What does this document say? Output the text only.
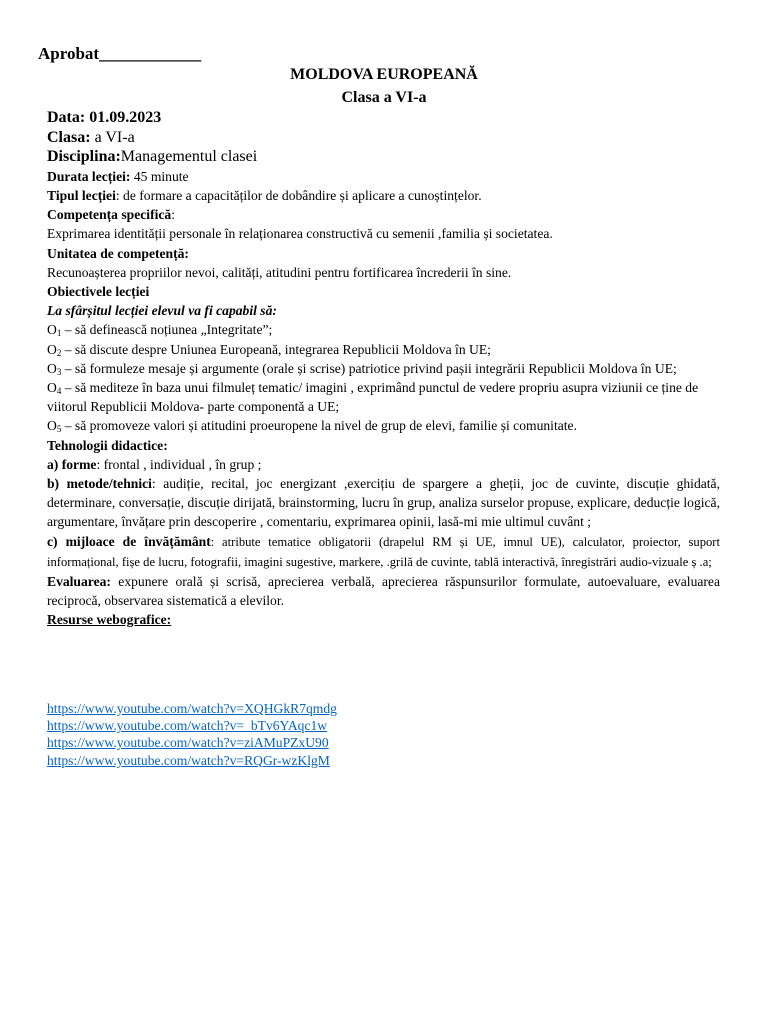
Aprobat____________
MOLDOVA EUROPEANĂ
Clasa a VI-a

Data: 01.09.2023

Clasa: a VI-a

Disciplina:Managementul clasei

Durata lecției: 45 minute

Tipul lecției: de formare a capacităților de dobândire și aplicare a cunoștințelor.

Competența specifică:

Exprimarea identității personale în relaționarea constructivă cu semenii ,familia și societatea.

Unitatea de competență:

Recunoașterea propriilor nevoi, calități, atitudini pentru fortificarea încrederii în sine.

Obiectivele lecției

La sfârșitul lecției elevul va fi capabil să:

$O_1$ – să definească noțiunea „Integritate”;

$O_2$ – să discute despre Uniunea Europeană, integrarea Republicii Moldova în UE;

$O_3$ – să formuleze mesaje și argumente (orale și scrise) patriotice privind pașii integrării Republicii Moldova în UE;

$O_4$ – să mediteze în baza unui filmuleț tematic/ imagini , exprimând punctul de vedere propriu asupra viziunii ce ține de viitorul Republicii Moldova- parte componentă a UE;

$O_5$ – să promoveze valori și atitudini proeuropene la nivel de grup de elevi, familie și comunitate.

Tehnologii didactice:

a) forme: frontal , individual , în grup ;

b) metode/tehnici: audiție, recital, joc energizant ,exercițiu de spargere a gheții, joc de cuvinte, discuție ghidată, determinare, conversație, discuție dirijată, brainstorming, lucru în grup, analiza surselor propuse, explicare, deducție logică, argumentare, învățare prin descoperire , comentariu, exprimarea opinii, lasă-mi mie ultimul cuvânt ;

c) mijloace de învățământ: atribute tematice obligatorii (drapelul RM și UE, imnul UE), calculator, proiector, suport informațional, fișe de lucru, fotografii, imagini sugestive, markere, .grilă de cuvinte, tablă interactivă, înregistrări audio-vizuale ș .a;

Evaluarea: expunere orală și scrisă, aprecierea verbală, aprecierea răspunsurilor formulate, autoevaluare, evaluarea reciprocă, observarea sistematică a elevilor.

Resurse webografice:

https://www.youtube.com/watch?v=XQHGkR7qmdg
https://www.youtube.com/watch?v=_bTv6YAqc1w
https://www.youtube.com/watch?v=ziAMuPZxU90
https://www.youtube.com/watch?v=RQGr-wzKlgM
